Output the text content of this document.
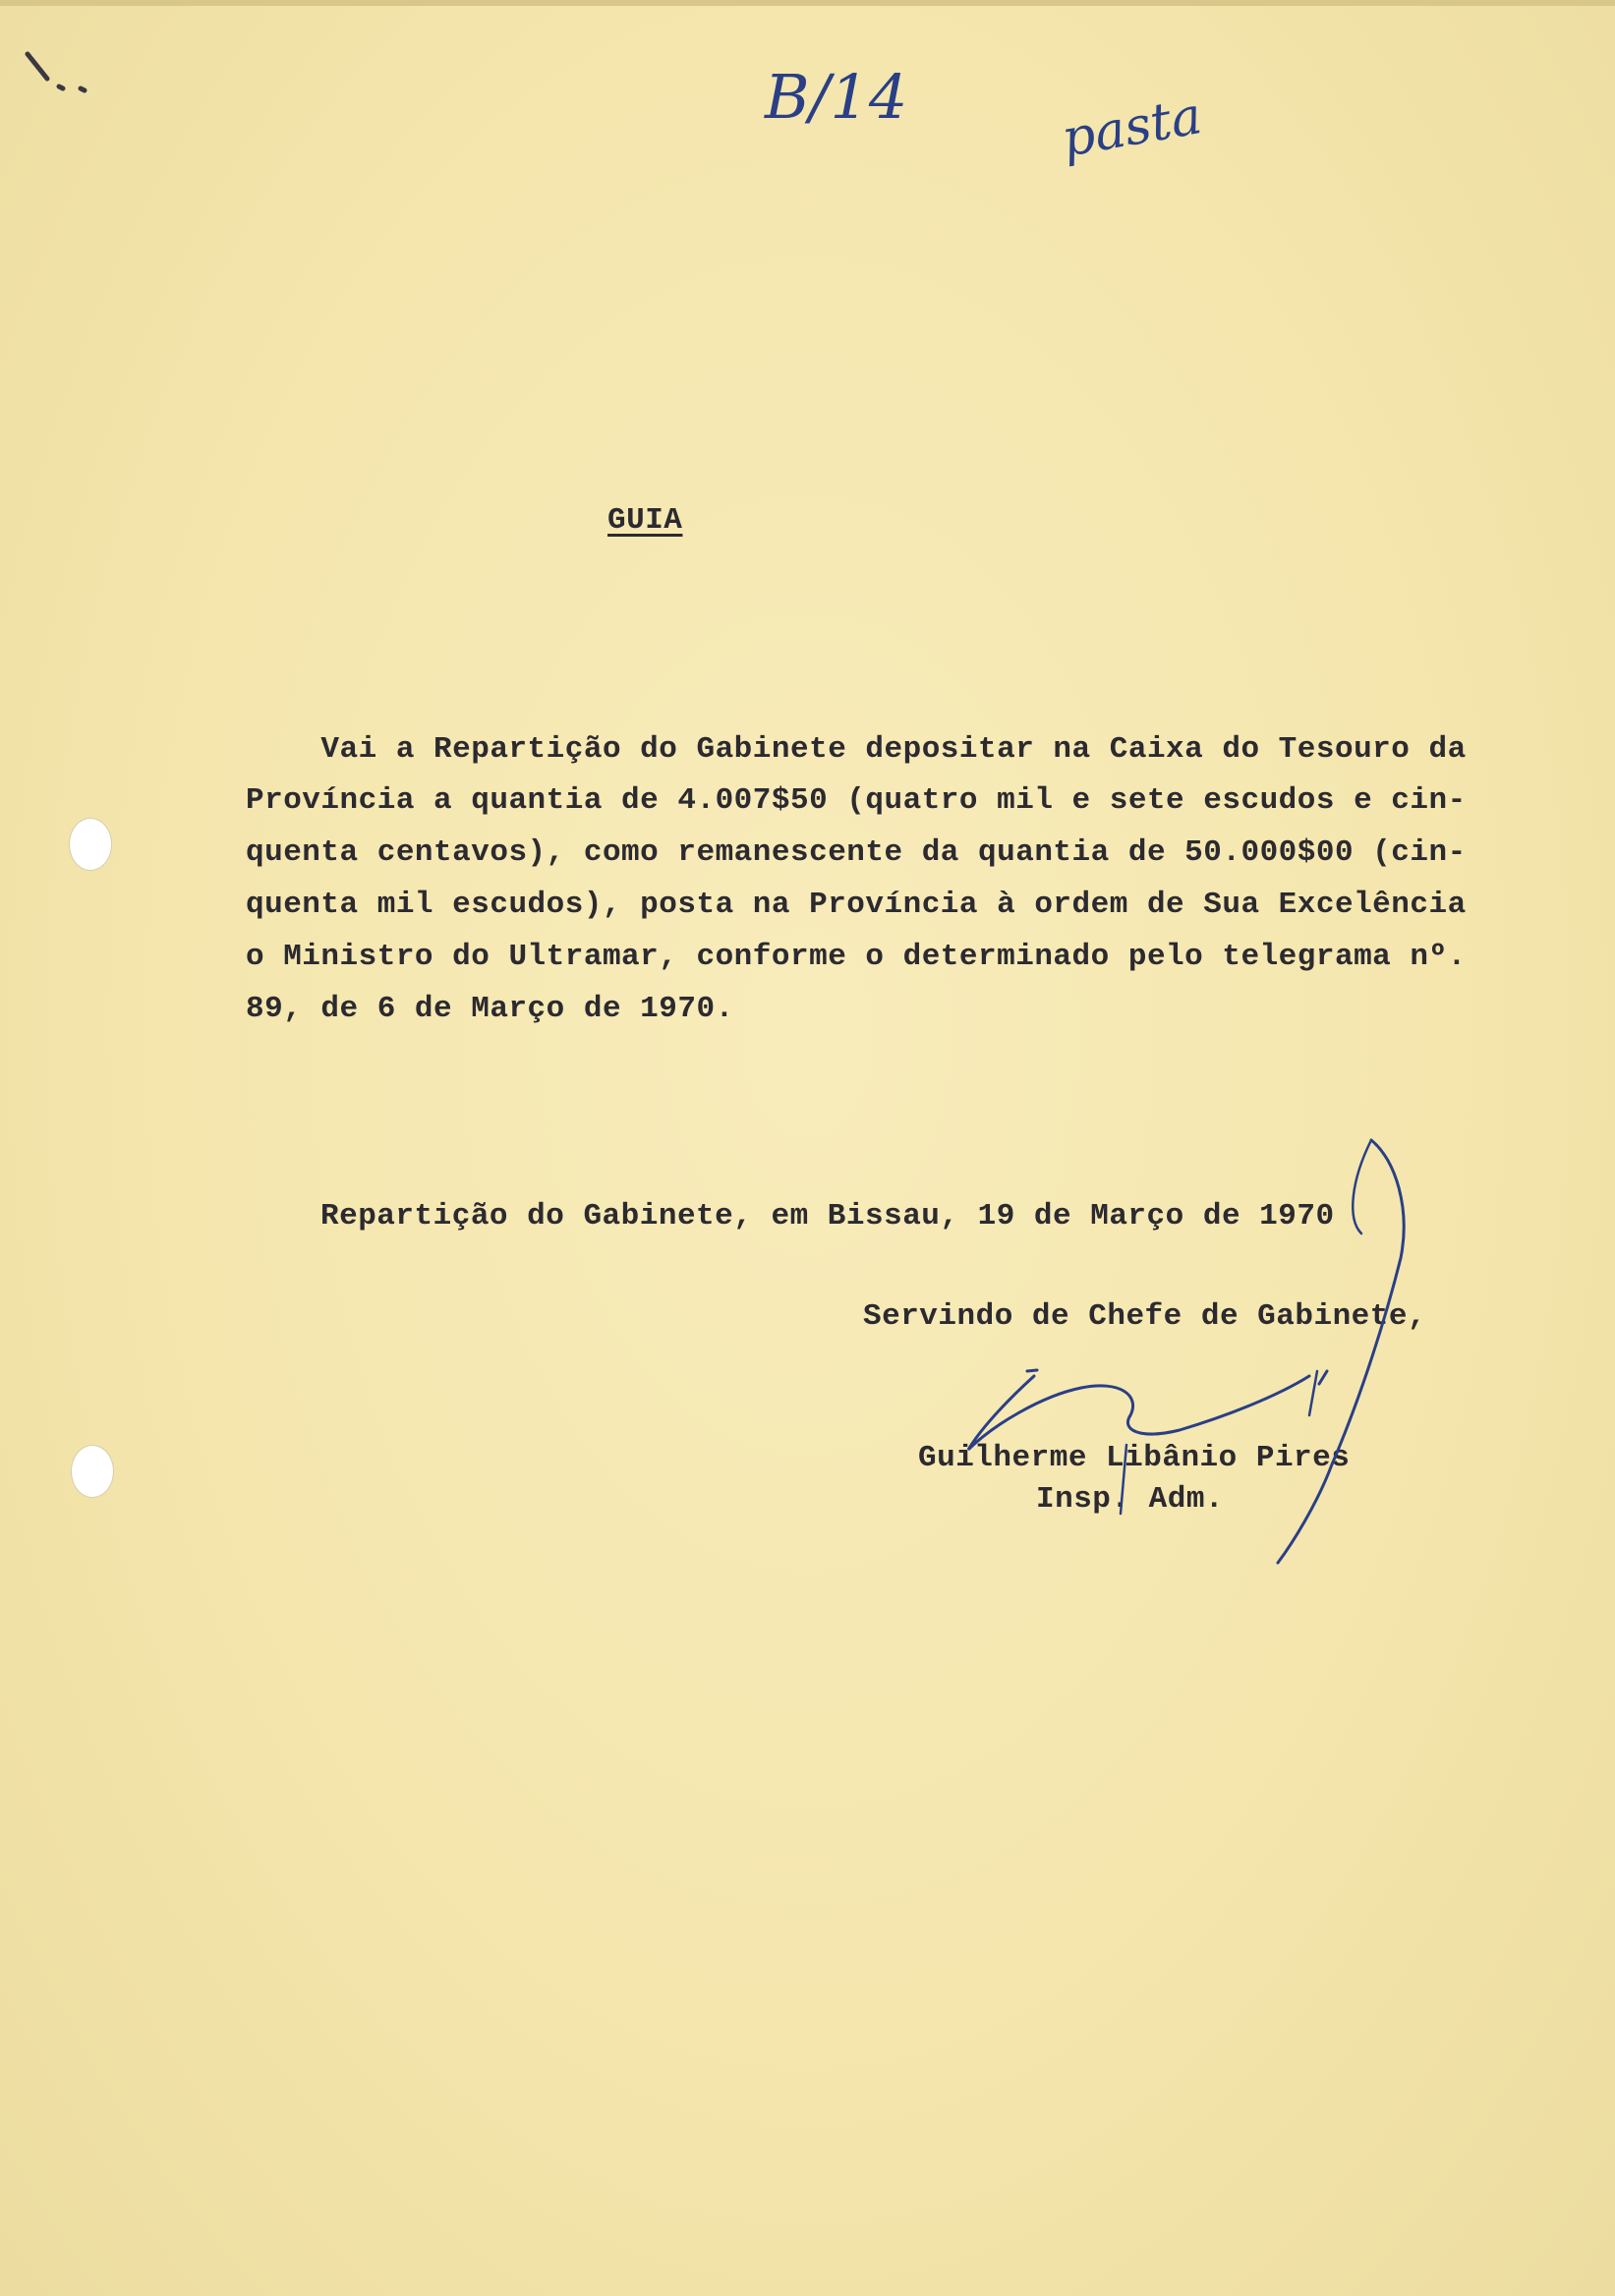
B/14	pasta
GUIA
Vai a Repartição do Gabinete depositar na Caixa do Tesouro da
Província a quantia de 4.007$50 (quatro mil e sete escudos e cin-
quenta centavos), como remanescente da quantia de 50.000$00 (cin-
quenta mil escudos), posta na Província à ordem de Sua Excelência
o Ministro do Ultramar, conforme o determinado pelo telegrama nº.
89, de 6 de Março de 1970.
Repartição do Gabinete, em Bissau, 19 de Março de 1970
Servindo de Chefe de Gabinete,
Guilherme Libânio Pires
Insp. Adm.
